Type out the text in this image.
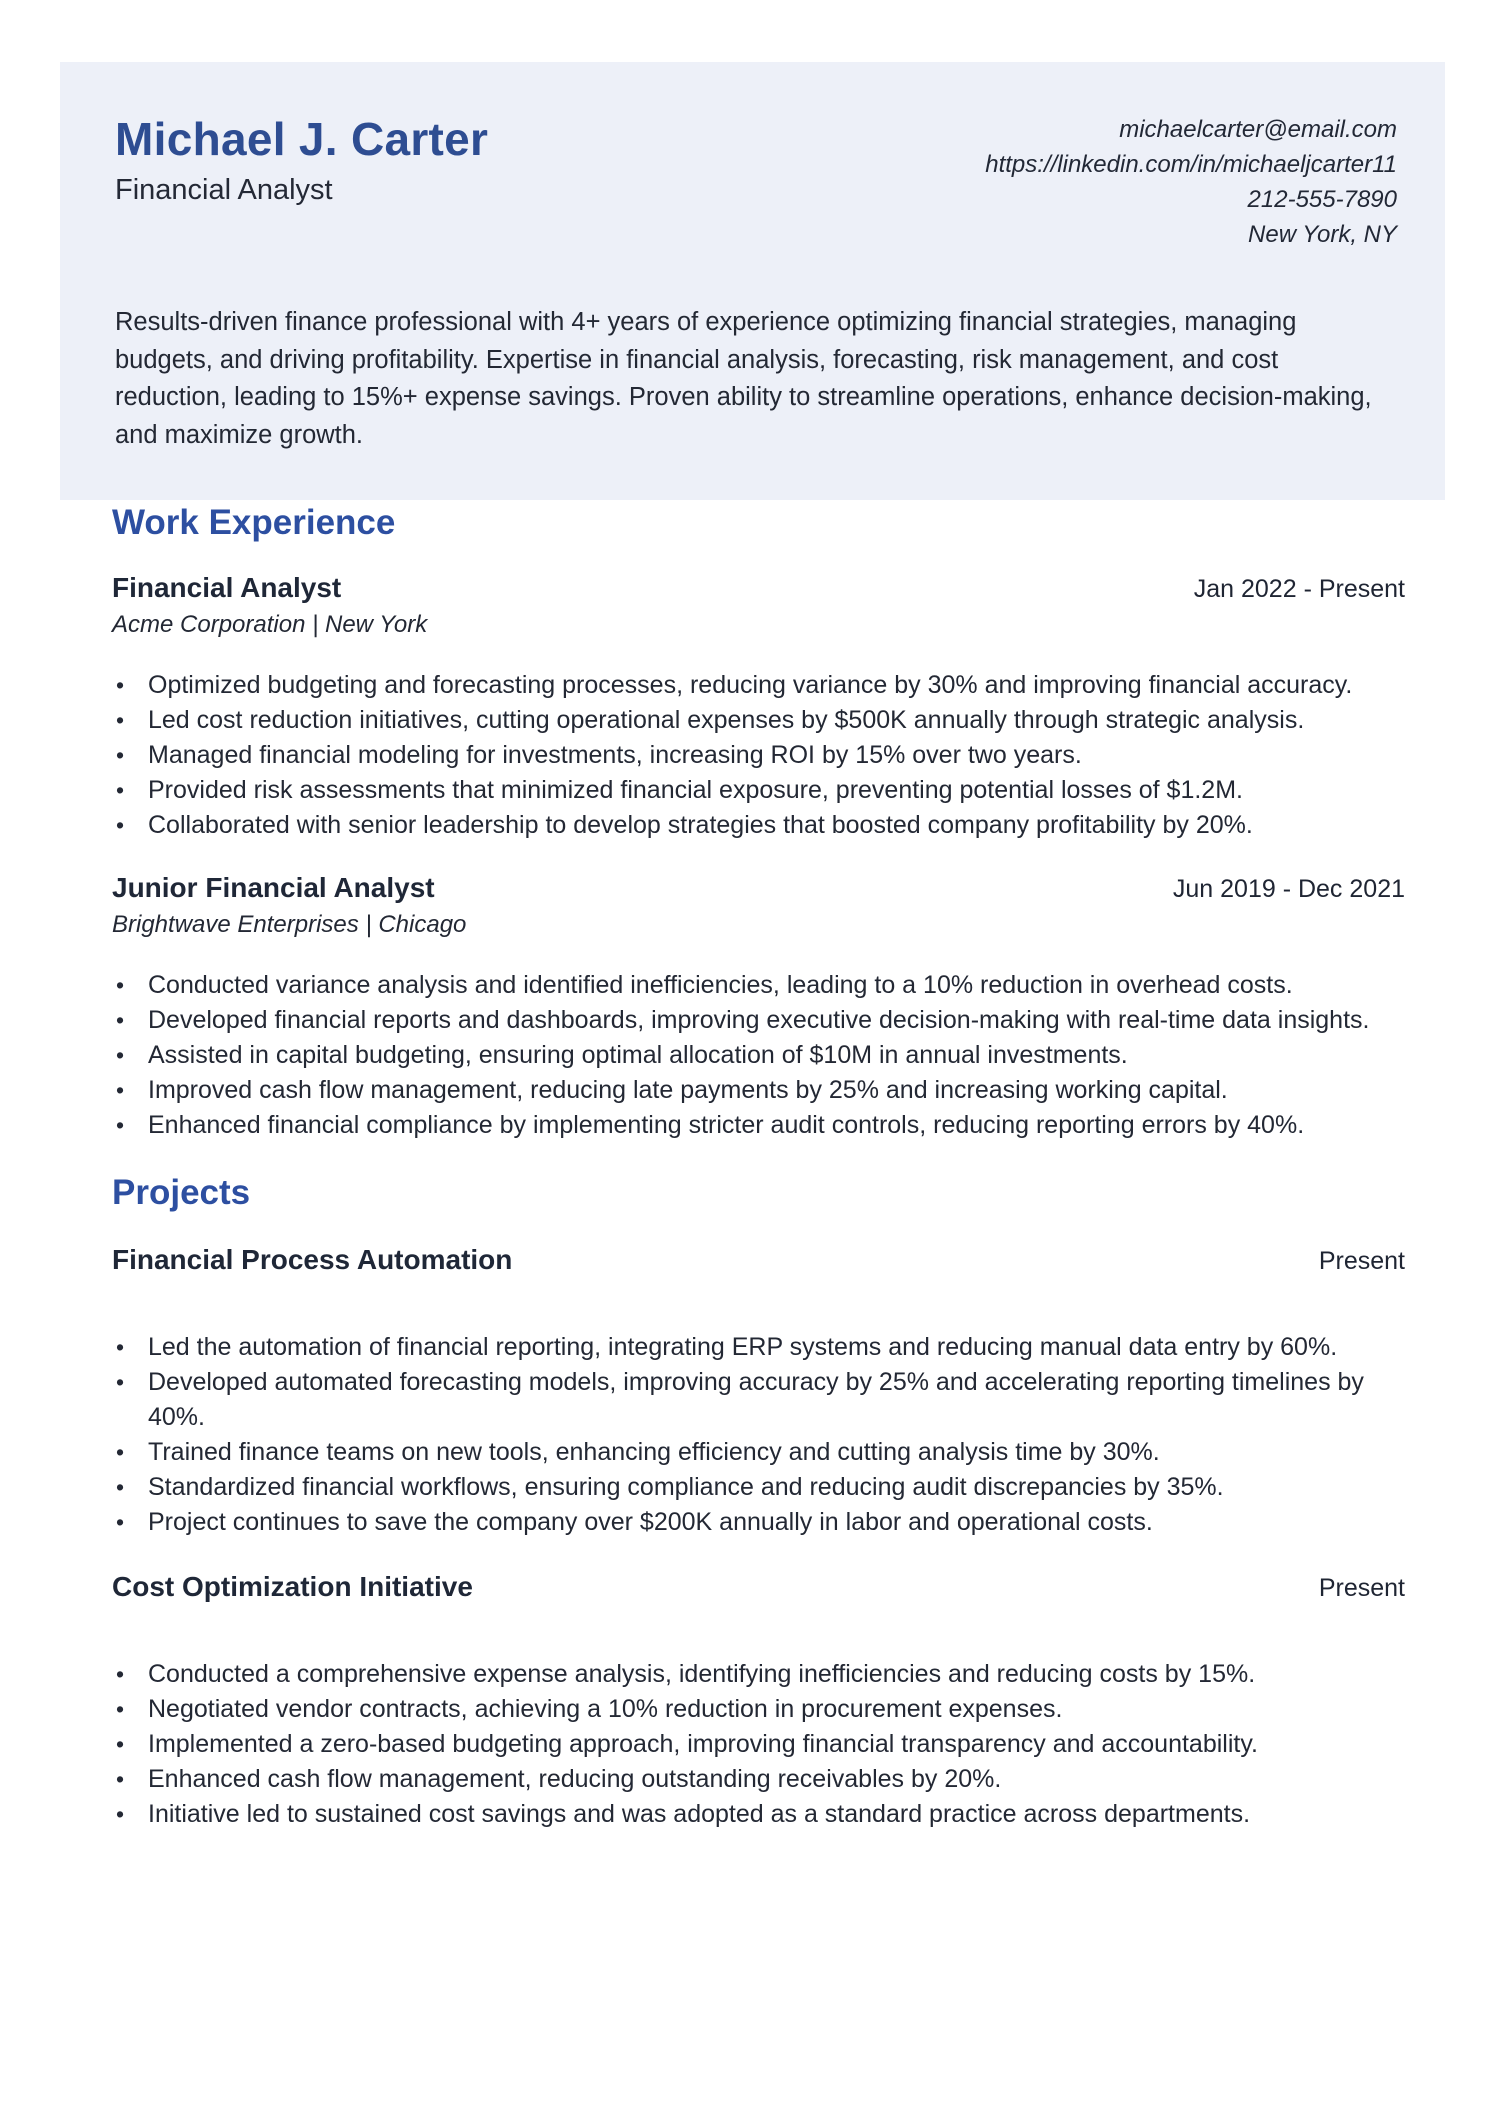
Michael J. Carter
Financial Analyst
michaelcarter@email.com
https://linkedin.com/in/michaeljcarter11
212-555-7890
New York, NY

Results-driven finance professional with 4+ years of experience optimizing financial strategies, managing budgets, and driving profitability. Expertise in financial analysis, forecasting, risk management, and cost reduction, leading to 15%+ expense savings. Proven ability to streamline operations, enhance decision-making, and maximize growth.

Work Experience
Financial Analyst	Jan 2022 - Present
Acme Corporation | New York
• Optimized budgeting and forecasting processes, reducing variance by 30% and improving financial accuracy.
• Led cost reduction initiatives, cutting operational expenses by $500K annually through strategic analysis.
• Managed financial modeling for investments, increasing ROI by 15% over two years.
• Provided risk assessments that minimized financial exposure, preventing potential losses of $1.2M.
• Collaborated with senior leadership to develop strategies that boosted company profitability by 20%.
Junior Financial Analyst	Jun 2019 - Dec 2021
Brightwave Enterprises | Chicago
• Conducted variance analysis and identified inefficiencies, leading to a 10% reduction in overhead costs.
• Developed financial reports and dashboards, improving executive decision-making with real-time data insights.
• Assisted in capital budgeting, ensuring optimal allocation of $10M in annual investments.
• Improved cash flow management, reducing late payments by 25% and increasing working capital.
• Enhanced financial compliance by implementing stricter audit controls, reducing reporting errors by 40%.
Projects
Financial Process Automation	Present
• Led the automation of financial reporting, integrating ERP systems and reducing manual data entry by 60%.
• Developed automated forecasting models, improving accuracy by 25% and accelerating reporting timelines by 40%.
• Trained finance teams on new tools, enhancing efficiency and cutting analysis time by 30%.
• Standardized financial workflows, ensuring compliance and reducing audit discrepancies by 35%.
• Project continues to save the company over $200K annually in labor and operational costs.
Cost Optimization Initiative	Present
• Conducted a comprehensive expense analysis, identifying inefficiencies and reducing costs by 15%.
• Negotiated vendor contracts, achieving a 10% reduction in procurement expenses.
• Implemented a zero-based budgeting approach, improving financial transparency and accountability.
• Enhanced cash flow management, reducing outstanding receivables by 20%.
• Initiative led to sustained cost savings and was adopted as a standard practice across departments.
